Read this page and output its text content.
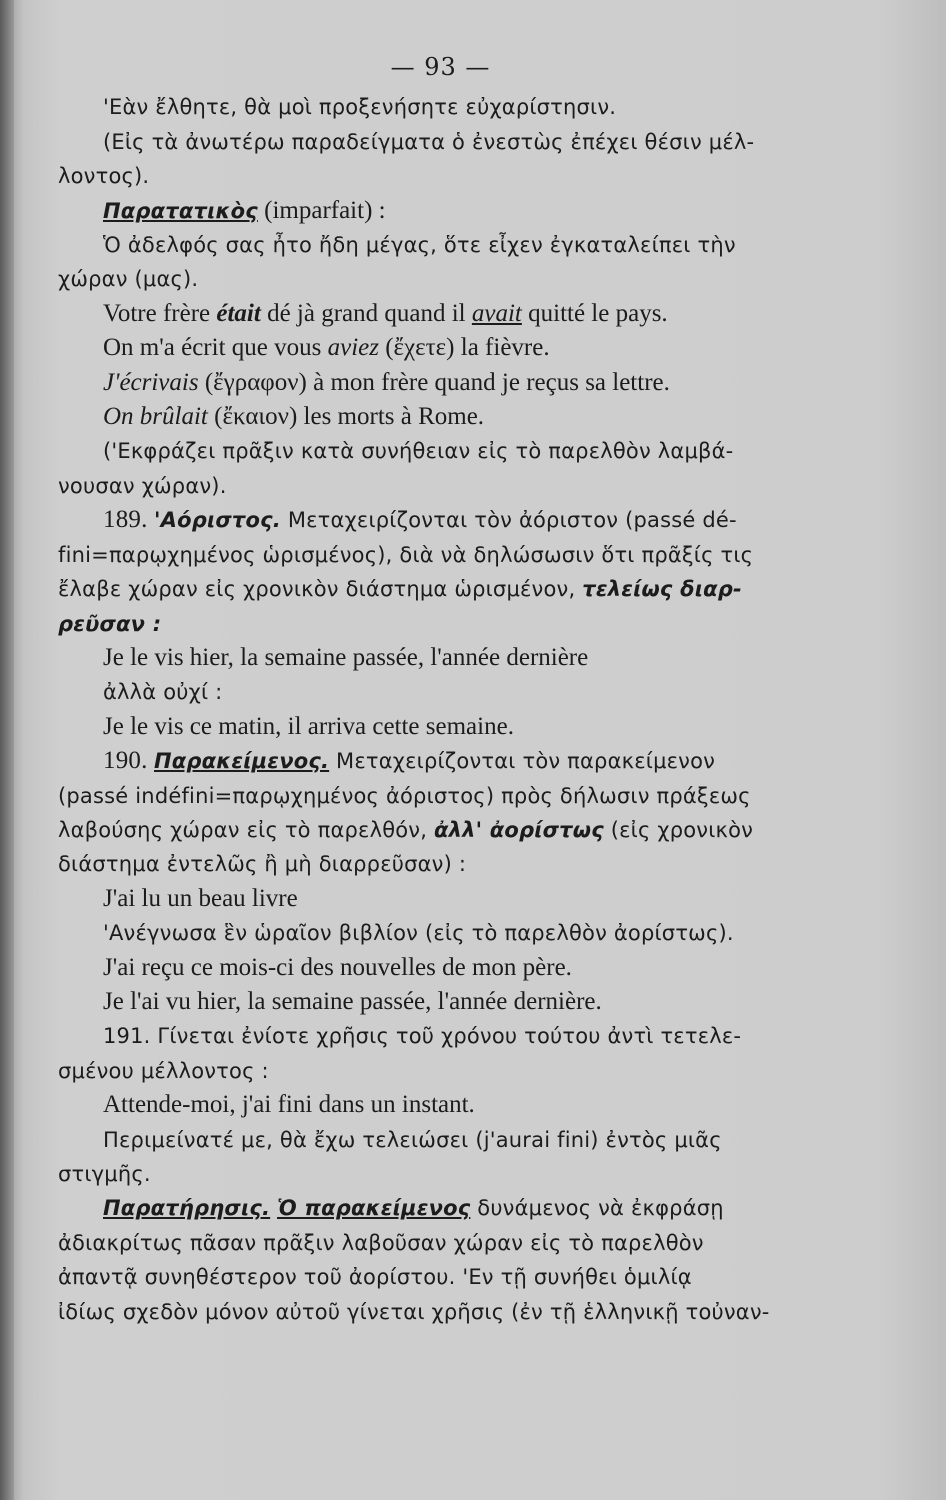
— 93 —
'Εὰν ἔλθητε, θὰ μοὶ προξενήσητε εὐχαρίστησιν.
(Εἰς τὰ ἀνωτέρω παραδείγματα ὁ ἐνεστὼς ἐπέχει θέσιν μέλ-
λοντος).
Παρατατικὸς (imparfait) :
Ὁ ἀδελφός σας ἦτο ἤδη μέγας, ὅτε εἶχεν ἐγκαταλείπει τὴν
χώραν (μας).
Votre frère était dé jà grand quand il avait quitté le pays.
On m'a écrit que vous aviez (ἔχετε) la fièvre.
J'écrivais (ἔγραφον) à mon frère quand je reçus sa lettre.
On brûlait (ἔκαιον) les morts à Rome.
('Εκφράζει πρᾶξιν κατὰ συνήθειαν εἰς τὸ παρελθὸν λαμβά-
νουσαν χώραν).
189. 'Αόριστος. Μεταχειρίζονται τὸν ἀόριστον (passé dé-
fini=παρῳχημένος ὡρισμένος), διὰ νὰ δηλώσωσιν ὅτι πρᾶξίς τις
ἔλαβε χώραν εἰς χρονικὸν διάστημα ὡρισμένον, τελείως διαρ-
ρεῦσαν :
Je le vis hier, la semaine passée, l'année dernière
ἀλλὰ οὐχί :
Je le vis ce matin, il arriva cette semaine.
190. Παρακείμενος. Μεταχειρίζονται τὸν παρακείμενον
(passé indéfini=παρῳχημένος ἀόριστος) πρὸς δήλωσιν πράξεως
λαβούσης χώραν εἰς τὸ παρελθόν, ἀλλ' ἀορίστως (εἰς χρονικὸν
διάστημα ἐντελῶς ἢ μὴ διαρρεῦσαν) :
J'ai lu un beau livre
'Ανέγνωσα ἓν ὡραῖον βιβλίον (εἰς τὸ παρελθὸν ἀορίστως).
J'ai reçu ce mois-ci des nouvelles de mon père.
Je l'ai vu hier, la semaine passée, l'année dernière.
191. Γίνεται ἐνίοτε χρῆσις τοῦ χρόνου τούτου ἀντὶ τετελε-
σμένου μέλλοντος :
Attende-moi, j'ai fini dans un instant.
Περιμείνατέ με, θὰ ἔχω τελειώσει (j'aurai fini) ἐντὸς μιᾶς
στιγμῆς.
Παρατήρησις. Ὁ παρακείμενος δυνάμενος νὰ ἐκφράσῃ
ἀδιακρίτως πᾶσαν πρᾶξιν λαβοῦσαν χώραν εἰς τὸ παρελθὸν
ἀπαντᾷ συνηθέστερον τοῦ ἀορίστου. 'Εν τῇ συνήθει ὁμιλίᾳ
ἰδίως σχεδὸν μόνον αὐτοῦ γίνεται χρῆσις (ἐν τῇ ἑλληνικῇ τοὐναν-
